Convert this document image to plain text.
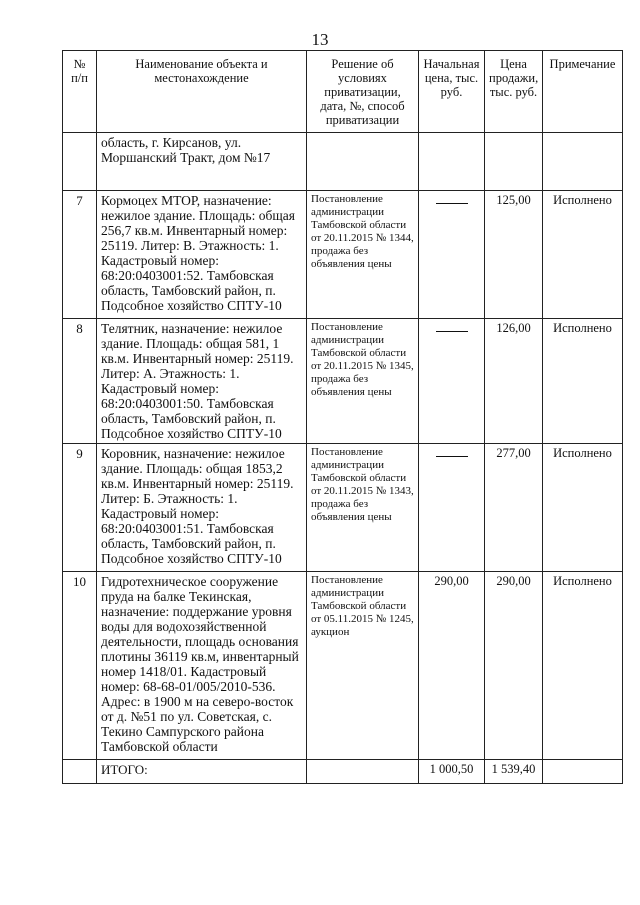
13
№ п/п	Наименование объекта и местонахождение	Решение об условиях приватизации, дата, №, способ приватизации	Начальная цена, тыс. руб.	Цена продажи, тыс. руб.	Примечание
	область, г. Кирсанов, ул. Моршанский Тракт, дом №17				
7	Кормоцех МТОР, назначение: нежилое здание. Площадь: общая 256,7 кв.м. Инвентарный номер: 25119. Литер: В. Этажность: 1. Кадастровый номер: 68:20:0403001:52. Тамбовская область, Тамбовский район, п. Подсобное хозяйство СПТУ-10	Постановление администрации Тамбовской области от 20.11.2015 № 1344, продажа без объявления цены		125,00	Исполнено
8	Телятник, назначение: нежилое здание. Площадь: общая 581, 1 кв.м. Инвентарный номер: 25119. Литер: А. Этажность: 1. Кадастровый номер: 68:20:0403001:50. Тамбовская область, Тамбовский район, п. Подсобное хозяйство СПТУ-10	Постановление администрации Тамбовской области от 20.11.2015 № 1345, продажа без объявления цены		126,00	Исполнено
9	Коровник, назначение: нежилое здание. Площадь: общая 1853,2 кв.м. Инвентарный номер: 25119. Литер: Б. Этажность: 1. Кадастровый номер: 68:20:0403001:51. Тамбовская область, Тамбовский район, п. Подсобное хозяйство СПТУ-10	Постановление администрации Тамбовской области от 20.11.2015 № 1343, продажа без объявления цены		277,00	Исполнено
10	Гидротехническое сооружение пруда на балке Текинская, назначение: поддержание уровня воды для водохозяйственной деятельности, площадь основания плотины 36119 кв.м, инвентарный номер 1418/01. Кадастровый номер: 68-68-01/005/2010-536. Адрес: в 1900 м на северо-восток от д. №51 по ул. Советская, с. Текино Сампурского района Тамбовской области	Постановление администрации Тамбовской области от 05.11.2015 № 1245, аукцион	290,00	290,00	Исполнено
	ИТОГО:		1 000,50	1 539,40	
